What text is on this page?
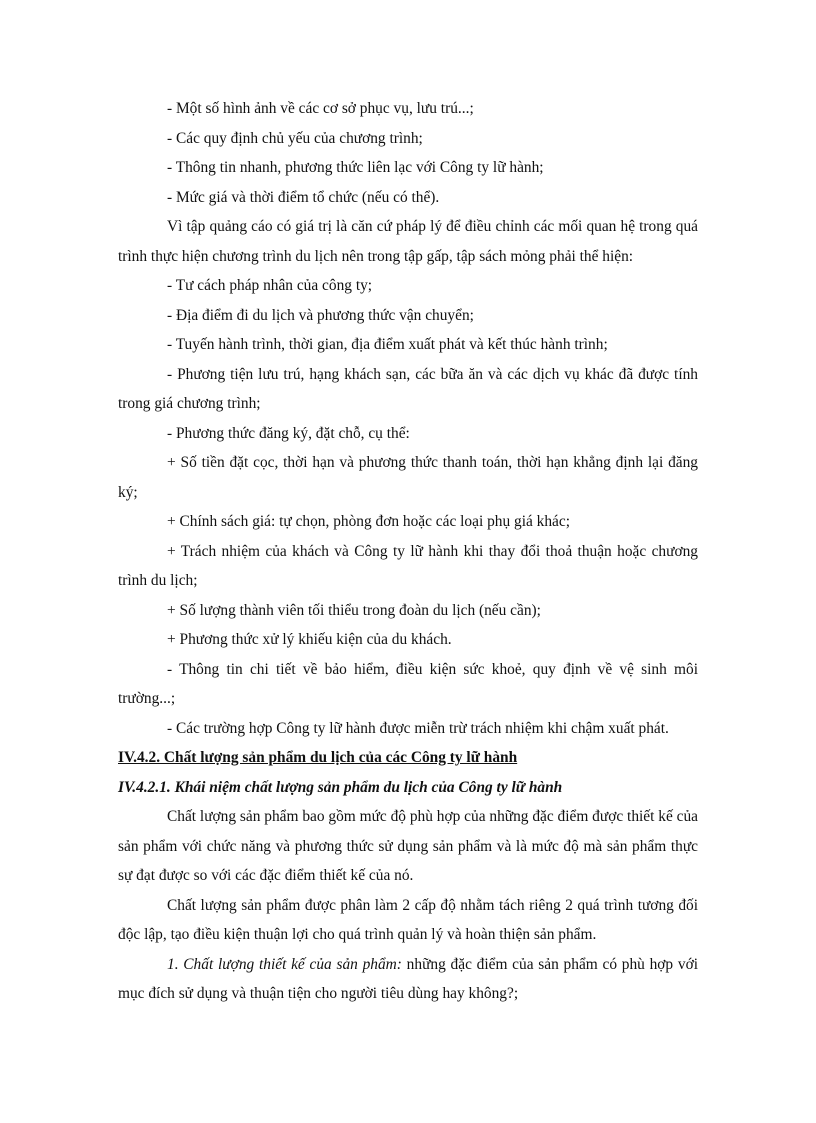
- Một số hình ảnh về các cơ sở phục vụ, lưu trú...;

- Các quy định chủ yếu của chương trình;

- Thông tin nhanh, phương thức liên lạc với Công ty lữ hành;

- Mức giá và thời điểm tổ chức (nếu có thể).

Vì tập quảng cáo có giá trị là căn cứ pháp lý để điều chỉnh các mối quan hệ trong quá trình thực hiện chương trình du lịch nên trong tập gấp, tập sách mỏng phải thể hiện:

- Tư cách pháp nhân của công ty;

- Địa điểm đi du lịch và phương thức vận chuyển;

- Tuyến hành trình, thời gian, địa điểm xuất phát và kết thúc hành trình;

- Phương tiện lưu trú, hạng khách sạn, các bữa ăn và các dịch vụ khác đã được tính trong giá chương trình;

- Phương thức đăng ký, đặt chỗ, cụ thể:

+ Số tiền đặt cọc, thời hạn và phương thức thanh toán, thời hạn khẳng định lại đăng ký;

+ Chính sách giá: tự chọn, phòng đơn hoặc các loại phụ giá khác;

+ Trách nhiệm của khách và Công ty lữ hành khi thay đổi thoả thuận hoặc chương trình du lịch;

+ Số lượng thành viên tối thiểu trong đoàn du lịch (nếu cần);

+ Phương thức xử lý khiếu kiện của du khách.

- Thông tin chi tiết về bảo hiểm, điều kiện sức khoẻ, quy định về vệ sinh môi trường...;

- Các trường hợp Công ty lữ hành được miễn trừ trách nhiệm khi chậm xuất phát.

IV.4.2. Chất lượng sản phẩm du lịch của các Công ty lữ hành

IV.4.2.1. Khái niệm chất lượng sản phẩm du lịch của Công ty lữ hành

Chất lượng sản phẩm bao gồm mức độ phù hợp của những đặc điểm được thiết kế của sản phẩm với chức năng và phương thức sử dụng sản phẩm và là mức độ mà sản phẩm thực sự đạt được so với các đặc điểm thiết kế của nó.

Chất lượng sản phẩm được phân làm 2 cấp độ nhằm tách riêng 2 quá trình tương đối độc lập, tạo điều kiện thuận lợi cho quá trình quản lý và hoàn thiện sản phẩm.

1. Chất lượng thiết kế của sản phẩm: những đặc điểm của sản phẩm có phù hợp với mục đích sử dụng và thuận tiện cho người tiêu dùng hay không?;
